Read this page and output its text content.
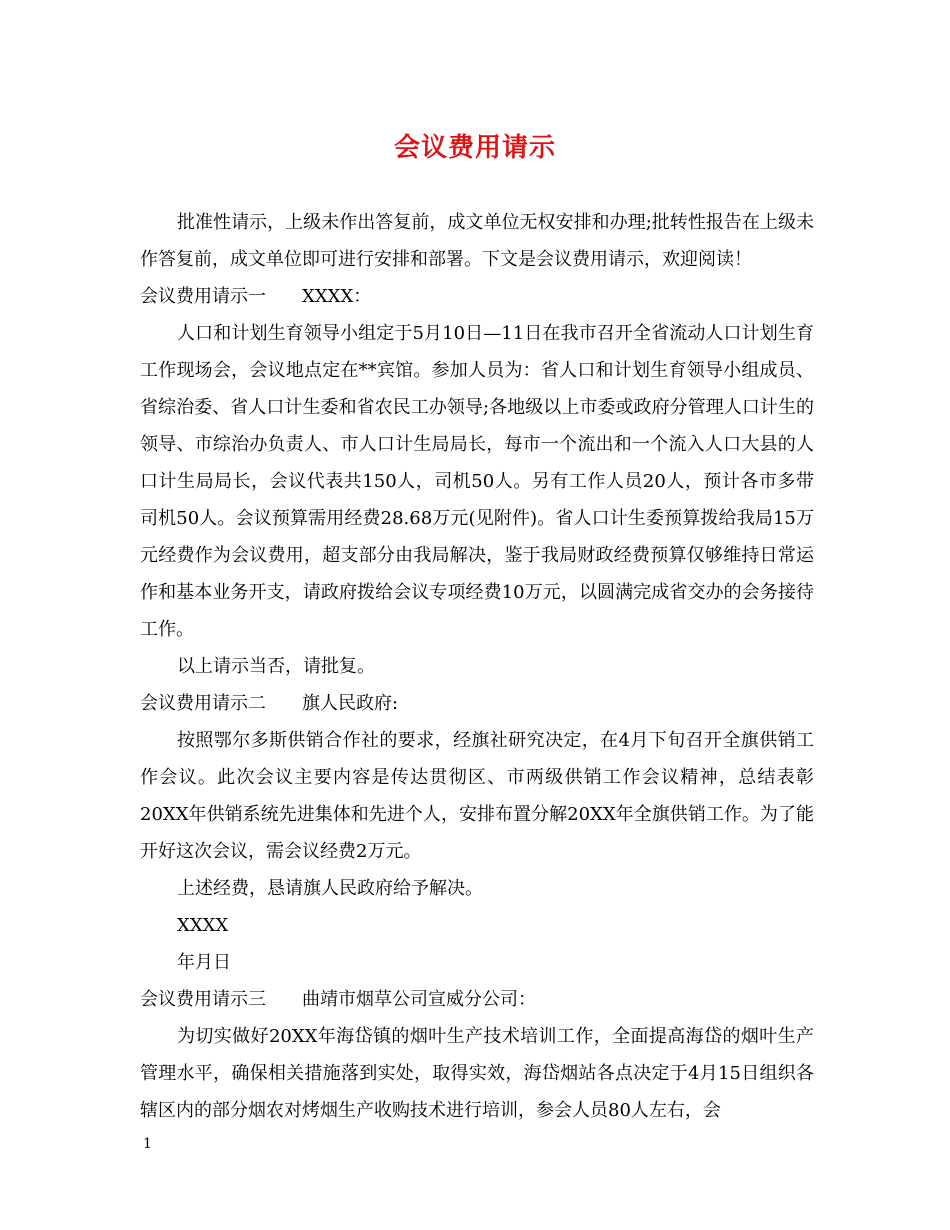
会议费用请示

批准性请示，上级未作出答复前，成文单位无权安排和办理;批转性报告在上级未作答复前，成文单位即可进行安排和部署。下文是会议费用请示，欢迎阅读！

会议费用请示一 XXXX：

人口和计划生育领导小组定于5月10日—11日在我市召开全省流动人口计划生育工作现场会，会议地点定在**宾馆。参加人员为：省人口和计划生育领导小组成员、省综治委、省人口计生委和省农民工办领导;各地级以上市委或政府分管理人口计生的领导、市综治办负责人、市人口计生局局长，每市一个流出和一个流入人口大县的人口计生局局长，会议代表共150人，司机50人。另有工作人员20人，预计各市多带司机50人。会议预算需用经费28.68万元(见附件)。省人口计生委预算拨给我局15万元经费作为会议费用，超支部分由我局解决，鉴于我局财政经费预算仅够维持日常运作和基本业务开支，请政府拨给会议专项经费10万元，以圆满完成省交办的会务接待工作。

以上请示当否，请批复。

会议费用请示二 旗人民政府:

按照鄂尔多斯供销合作社的要求，经旗社研究决定，在4月下旬召开全旗供销工作会议。此次会议主要内容是传达贯彻区、市两级供销工作会议精神，总结表彰20XX年供销系统先进集体和先进个人，安排布置分解20XX年全旗供销工作。为了能开好这次会议，需会议经费2万元。

上述经费，恳请旗人民政府给予解决。

XXXX

年月日

会议费用请示三 曲靖市烟草公司宣威分公司：

为切实做好20XX年海岱镇的烟叶生产技术培训工作，全面提高海岱的烟叶生产管理水平，确保相关措施落到实处，取得实效，海岱烟站各点决定于4月15日组织各辖区内的部分烟农对烤烟生产收购技术进行培训，参会人员80人左右，会

1
